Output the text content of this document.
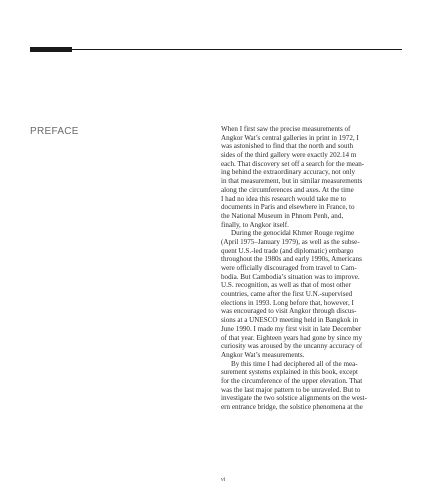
PREFACE	When I first saw the precise measurements of
Angkor Wat’s central galleries in print in 1972, I
was astonished to find that the north and south
sides of the third gallery were exactly 202.14 m
each. That discovery set off a search for the mean-
ing behind the extraordinary accuracy, not only
in that measurement, but in similar measurements
along the circumferences and axes. At the time
I had no idea this research would take me to
documents in Paris and elsewhere in France, to
the National Museum in Phnom Penh, and,
finally, to Angkor itself.
During the genocidal Khmer Rouge regime
(April 1975–January 1979), as well as the subse-
quent U.S.-led trade (and diplomatic) embargo
throughout the 1980s and early 1990s, Americans
were officially discouraged from travel to Cam-
bodia. But Cambodia’s situation was to improve.
U.S. recognition, as well as that of most other
countries, came after the first U.N.-supervised
elections in 1993. Long before that, however, I
was encouraged to visit Angkor through discus-
sions at a UNESCO meeting held in Bangkok in
June 1990. I made my first visit in late December
of that year. Eighteen years had gone by since my
curiosity was aroused by the uncanny accuracy of
Angkor Wat’s measurements.
By this time I had deciphered all of the mea-
surement systems explained in this book, except
for the circumference of the upper elevation. That
was the last major pattern to be unraveled. But to
investigate the two solstice alignments on the west-
ern entrance bridge, the solstice phenomena at the
vi
